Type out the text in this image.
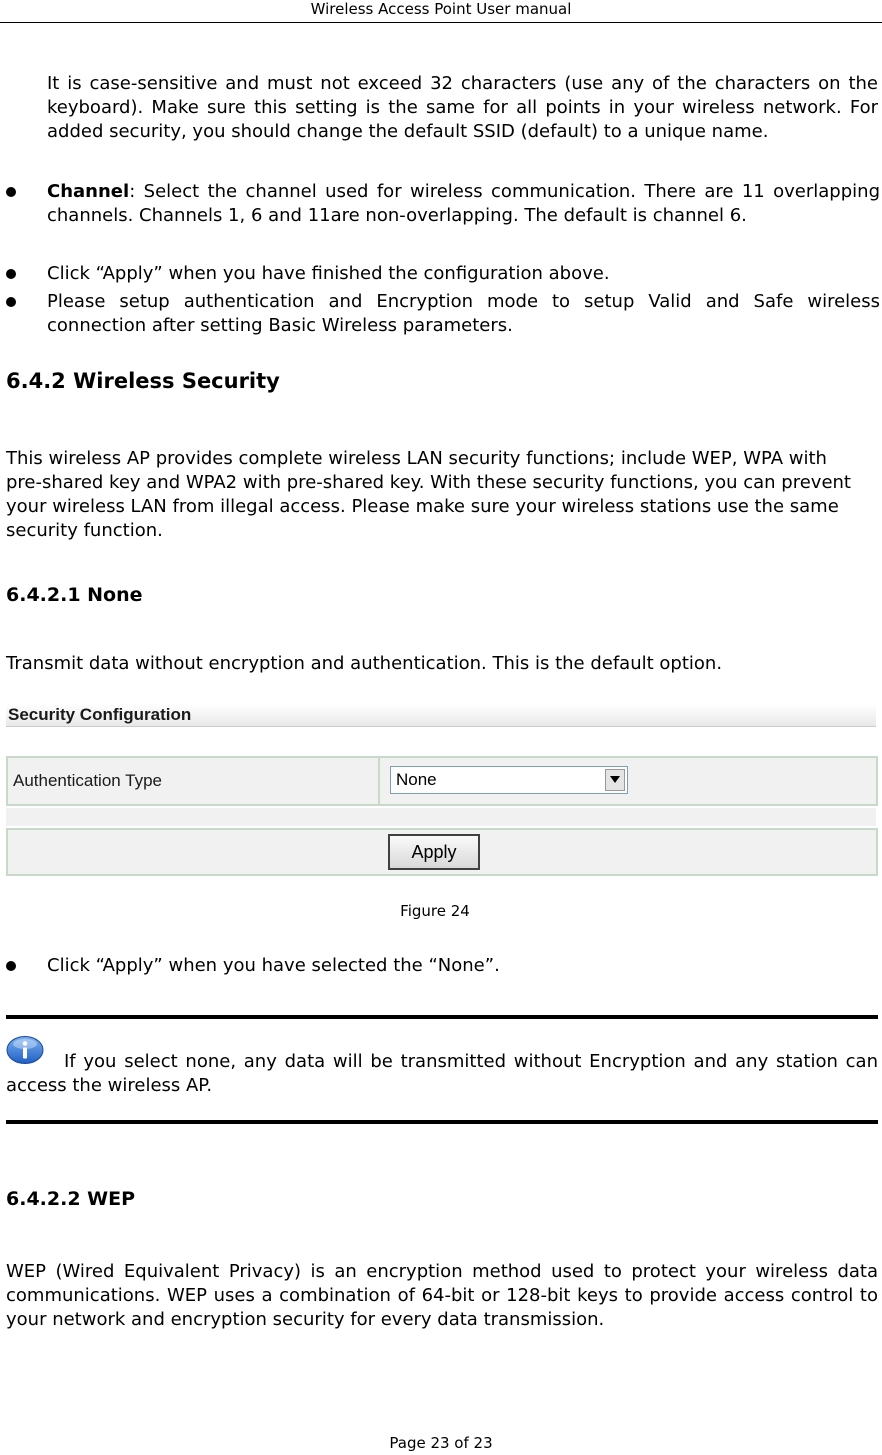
Wireless Access Point User manual
It is case-sensitive and must not exceed 32 characters (use any of the characters on the keyboard). Make sure this setting is the same for all points in your wireless network. For added security, you should change the default SSID (default) to a unique name.
Channel: Select the channel used for wireless communication. There are 11 overlapping channels. Channels 1, 6 and 11are non-overlapping. The default is channel 6.
Click “Apply” when you have finished the configuration above.
Please setup authentication and Encryption mode to setup Valid and Safe wireless connection after setting Basic Wireless parameters.
6.4.2 Wireless Security
This wireless AP provides complete wireless LAN security functions; include WEP, WPA with pre-shared key and WPA2 with pre-shared key. With these security functions, you can prevent your wireless LAN from illegal access. Please make sure your wireless stations use the same security function.
6.4.2.1 None
Transmit data without encryption and authentication. This is the default option.
Security Configuration
Authentication Type	None
Apply
Figure 24
Click “Apply” when you have selected the “None”.
If you select none, any data will be transmitted without Encryption and any station can access the wireless AP.
6.4.2.2 WEP
WEP (Wired Equivalent Privacy) is an encryption method used to protect your wireless data communications. WEP uses a combination of 64-bit or 128-bit keys to provide access control to your network and encryption security for every data transmission.
Page 23 of 23
